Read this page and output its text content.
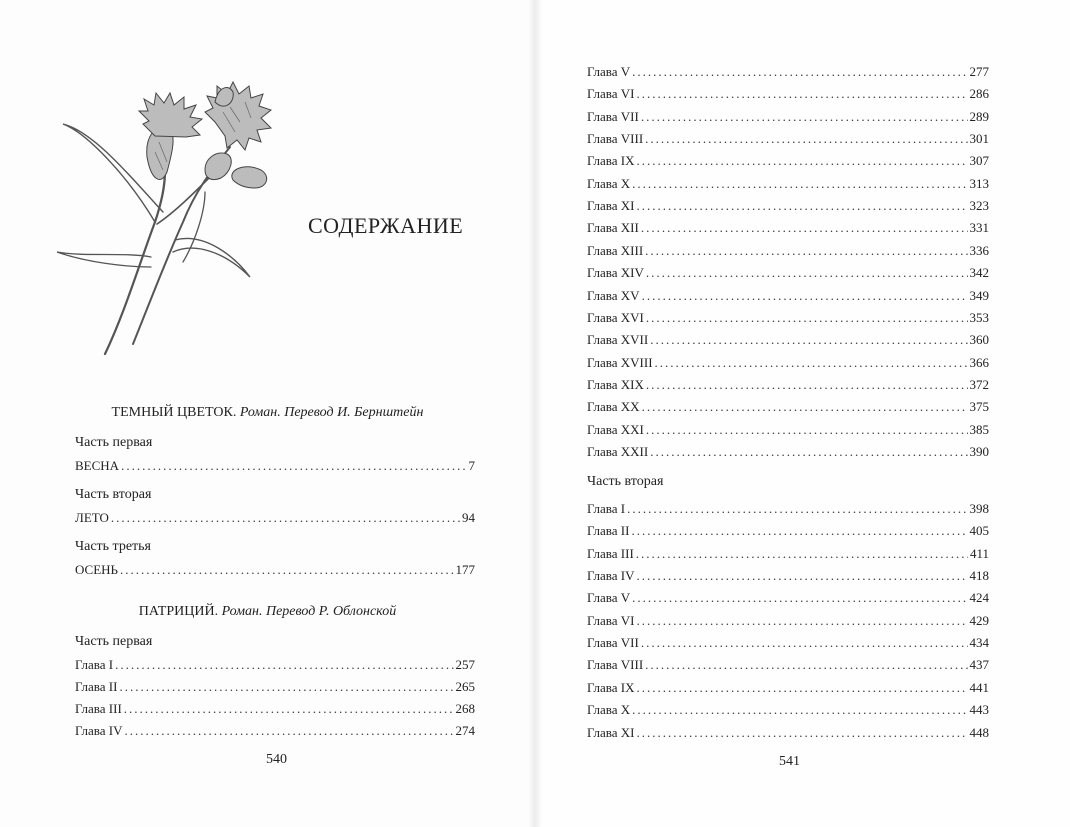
СОДЕРЖАНИЕ
ТЕМНЫЙ ЦВЕТОК. Роман. Перевод И. Бернштейн
Часть первая
ВЕСНА .....	7
Часть вторая
ЛЕТО .....	94
Часть третья
ОСЕНЬ .....	177
ПАТРИЦИЙ. Роман. Перевод Р. Облонской
Часть первая
Глава I .....	257
Глава II .....	265
Глава III .....	268
Глава IV .....	274
540
Глава V .....	277
Глава VI .....	286
Глава VII .....	289
Глава VIII .....	301
Глава IX .....	307
Глава X .....	313
Глава XI .....	323
Глава XII .....	331
Глава XIII .....	336
Глава XIV .....	342
Глава XV .....	349
Глава XVI .....	353
Глава XVII .....	360
Глава XVIII .....	366
Глава XIX .....	372
Глава XX .....	375
Глава XXI .....	385
Глава XXII .....	390
Часть вторая
Глава I .....	398
Глава II .....	405
Глава III .....	411
Глава IV .....	418
Глава V .....	424
Глава VI .....	429
Глава VII .....	434
Глава VIII .....	437
Глава IX .....	441
Глава X .....	443
Глава XI .....	448
541
